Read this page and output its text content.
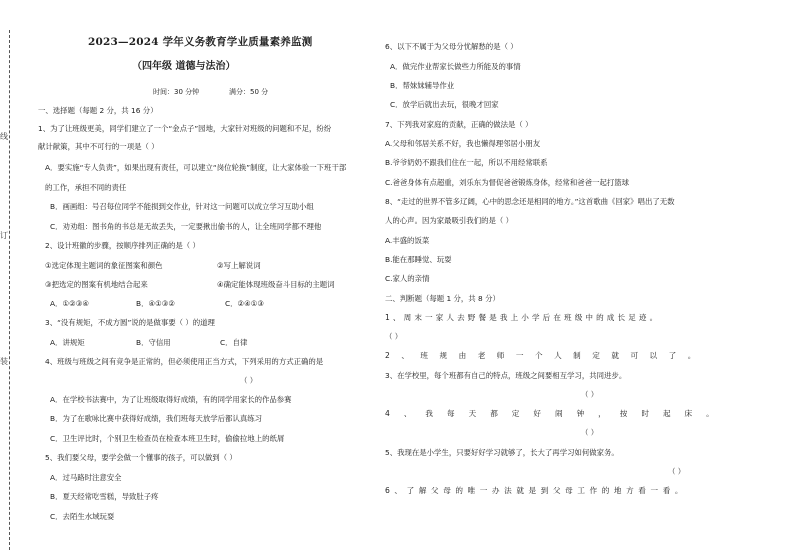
线
订
装
2023—2024 学年义务教育学业质量素养监测
（四年级 道德与法治）
时间：30 分钟	满分：50 分
一、选择题（每题 2 分，共 16 分）
1、为了让班级更美，同学们建立了一个“金点子”园地，大家针对班级的问题和不足，纷纷
献计献策，其中不可行的一项是（ ）
A．要实施“专人负责”，如果出现有责任，可以建立“岗位轮换”制度，让大家体验一下班干部
的工作，承担不同的责任
B．画画组：号召每位同学不能损到交作业，针对这一问题可以成立学习互助小组
C．劝劝组：图书角的书总是无故丢失，一定要揪出偷书的人，让全班同学都不理他
2、设计班徽的步骤，按顺序排列正确的是（ ）
①选定体现主题词的象征图案和颜色	②写上解说词
③把选定的图案有机地结合起来	④确定能体现班级奋斗目标的主题词
A．①②③④	B．④①③②	C．②④①③
3、“没有规矩，不成方圆”说的是做事要（ ）的道理
A．讲规矩	B．守信用	C．自律
4、班级与班级之间有竞争是正常的，但必须使用正当方式，下列采用的方式正确的是
（ ）
A．在学校书法赛中，为了让班级取得好成绩，有的同学用家长的作品参赛
B．为了在歌咏比赛中获得好成绩，我们班每天放学后都认真练习
C．卫生评比时，个别卫生检查员在检查本班卫生时，偷偷拉地上的纸屑
5、我们要父母，要学会做一个懂事的孩子，可以做到（ ）
A．过马路时注意安全
B．夏天经常吃雪糕，导致肚子疼
C．去陌生水域玩耍
6、以下不属于为父母分忧解愁的是（ ）
A．做完作业帮家长做些力所能及的事情
B．帮妹妹辅导作业
C．放学后就出去玩，很晚才回家
7、下列我对家庭的贡献，正确的做法是（ ）
A.父母和邻居关系不好，我也懒得理邻居小朋友
B.爷爷奶奶不跟我们住在一起，所以不用经常联系
C.爸爸身体有点超重，刘乐东为督促爸爸锻炼身体，经常和爸爸一起打篮球
8、“走过的世界不管多辽阔，心中的思念还是相同的地方。”这首歌曲《回家》唱出了无数
人的心声。因为家最吸引我们的是（ ）
A.丰盛的饭菜
B.能在那睡觉、玩耍
C.家人的亲情
二、判断题（每题 1 分，共 8 分）
1、周末一家人去野餐是我上小学后在班级中的成长足迹。
（ ）
2、班规由老师一个人制定就可以了。
3、在学校里，每个班都有自己的特点，班级之间要相互学习，共同进步。
（ ）
4、我每天都定好闹钟，按时起床。
（ ）
5、我现在是小学生，只要好好学习就够了，长大了再学习如何做家务。
（ ）
6、了解父母的唯一办法就是到父母工作的地方看一看。
